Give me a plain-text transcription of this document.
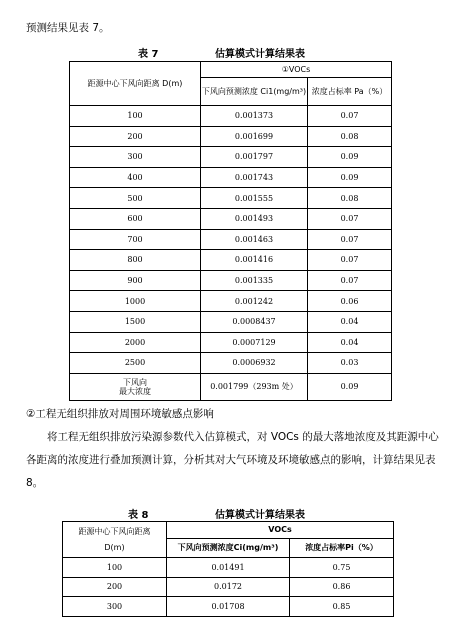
预测结果见表 7。
表 7	估算模式计算结果表
距源中心下风向距离 D(m)	①VOCs	
	下风向预测浓度 Ci1(mg/m³)	浓度占标率 Pa（%）
100	0.001373	0.07
200	0.001699	0.08
300	0.001797	0.09
400	0.001743	0.09
500	0.001555	0.08
600	0.001493	0.07
700	0.001463	0.07
800	0.001416	0.07
900	0.001335	0.07
1000	0.001242	0.06
1500	0.0008437	0.04
2000	0.0007129	0.04
2500	0.0006932	0.03

下风向
最大浓度	0.001799（293m 处）	0.09
②工程无组织排放对周围环境敏感点影响
将工程无组织排放污染源参数代入估算模式，对 VOCs 的最大落地浓度及其距源中心各距离的浓度进行叠加预测计算，分析其对大气环境及环境敏感点的影响，计算结果见表 8。
表 8	估算模式计算结果表
距源中心下风向距离
D(m)	VOCs	
	下风向预测浓度Ci(mg/m³)	浓度占标率Pi（%）
100	0.01491	0.75
200	0.0172	0.86
300	0.01708	0.85
